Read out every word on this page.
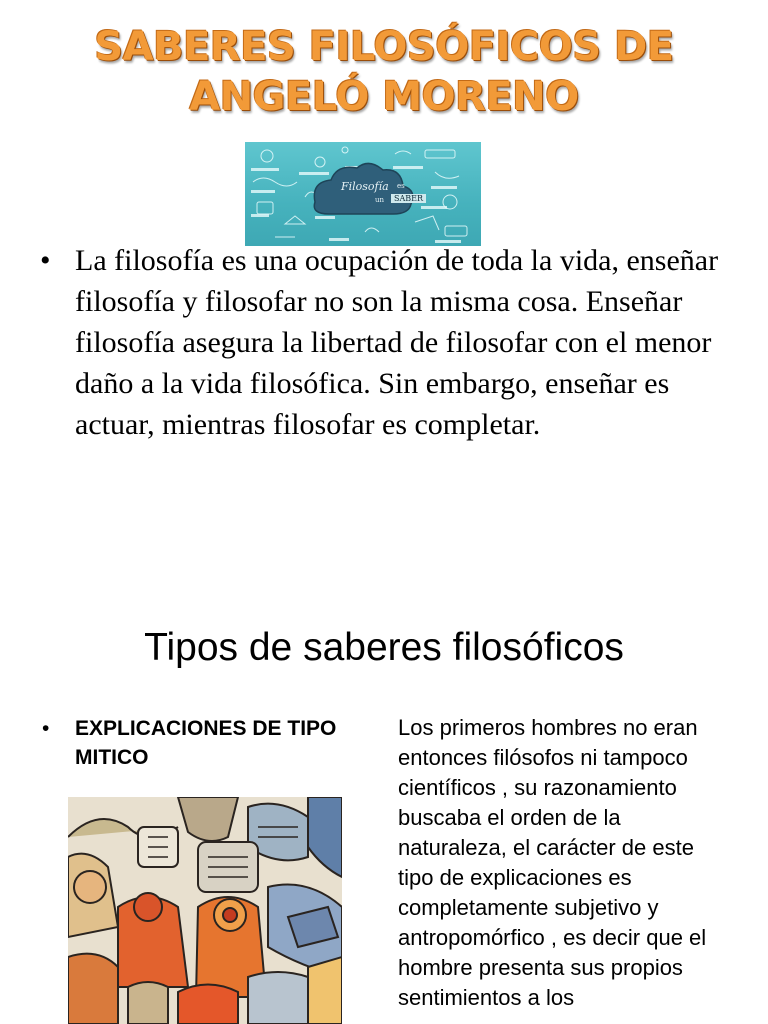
SABERES FILOSÓFICOS DE
ANGELÓ MORENO
Filosofía es
un	SABER
• La filosofía es una ocupación de toda la vida, enseñar filosofía y filosofar no son la misma cosa. Enseñar filosofía asegura la libertad de filosofar con el menor daño a la vida filosófica. Sin embargo, enseñar es actuar, mientras filosofar es completar.
Tipos de saberes filosóficos
• EXPLICACIONES DE TIPO MITICO
Los primeros hombres no eran entonces filósofos ni tampoco científicos , su razonamiento buscaba el orden de la naturaleza, el carácter de este tipo de explicaciones es completamente subjetivo y antropomórfico , es decir que el hombre presenta sus propios sentimientos a los
